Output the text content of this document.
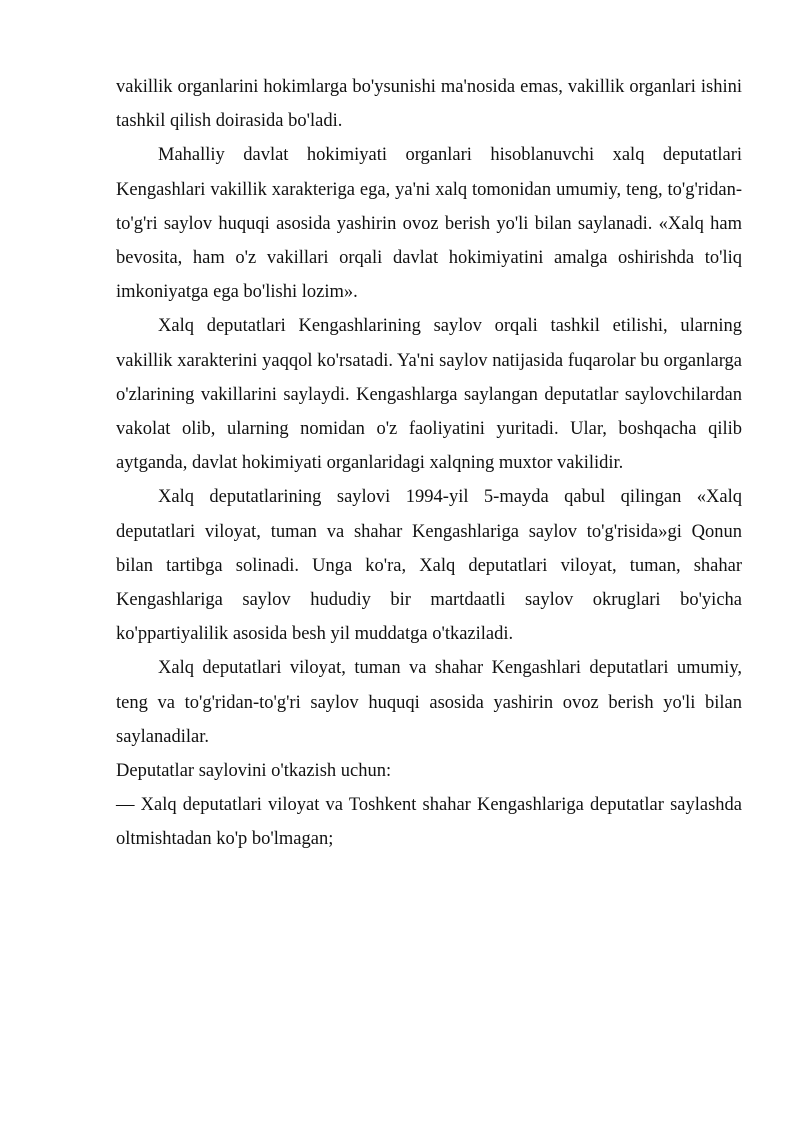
vakillik organlarini hokimlarga bo'ysunishi ma'nosida emas, vakillik organlari ishini tashkil qilish doirasida bo'ladi.

Mahalliy davlat hokimiyati organlari hisoblanuvchi xalq deputatlari Kengashlari vakillik xarakteriga ega, ya'ni xalq tomonidan umumiy, teng, to'g'ridan-to'g'ri saylov huquqi asosida yashirin ovoz berish yo'li bilan saylanadi. «Xalq ham bevosita, ham o'z vakillari orqali davlat hokimiyatini amalga oshirishda to'liq imkoniyatga ega bo'lishi lozim».

Xalq deputatlari Kengashlarining saylov orqali tashkil etilishi, ularning vakillik xarakterini yaqqol ko'rsatadi. Ya'ni saylov natijasida fuqarolar bu organlarga o'zlarining vakillarini saylaydi. Kengashlarga saylangan deputatlar saylovchilardan vakolat olib, ularning nomidan o'z faoliyatini yuritadi. Ular, boshqacha qilib aytganda, davlat hokimiyati organlaridagi xalqning muxtor vakilidir.

Xalq deputatlarining saylovi 1994-yil 5-mayda qabul qilingan «Xalq deputatlari viloyat, tuman va shahar Kengashlariga saylov to'g'risida»gi Qonun bilan tartibga solinadi. Unga ko'ra, Xalq deputatlari viloyat, tuman, shahar Kengashlariga saylov hududiy bir martdaatli saylov okruglari bo'yicha ko'ppartiyalilik asosida besh yil muddatga o'tkaziladi.

Xalq deputatlari viloyat, tuman va shahar Kengashlari deputatlari umumiy, teng va to'g'ridan-to'g'ri saylov huquqi asosida yashirin ovoz berish yo'li bilan saylanadilar.

Deputatlar saylovini o'tkazish uchun:

— Xalq deputatlari viloyat va Toshkent shahar Kengashlariga deputatlar saylashda oltmishtadan ko'p bo'lmagan;
